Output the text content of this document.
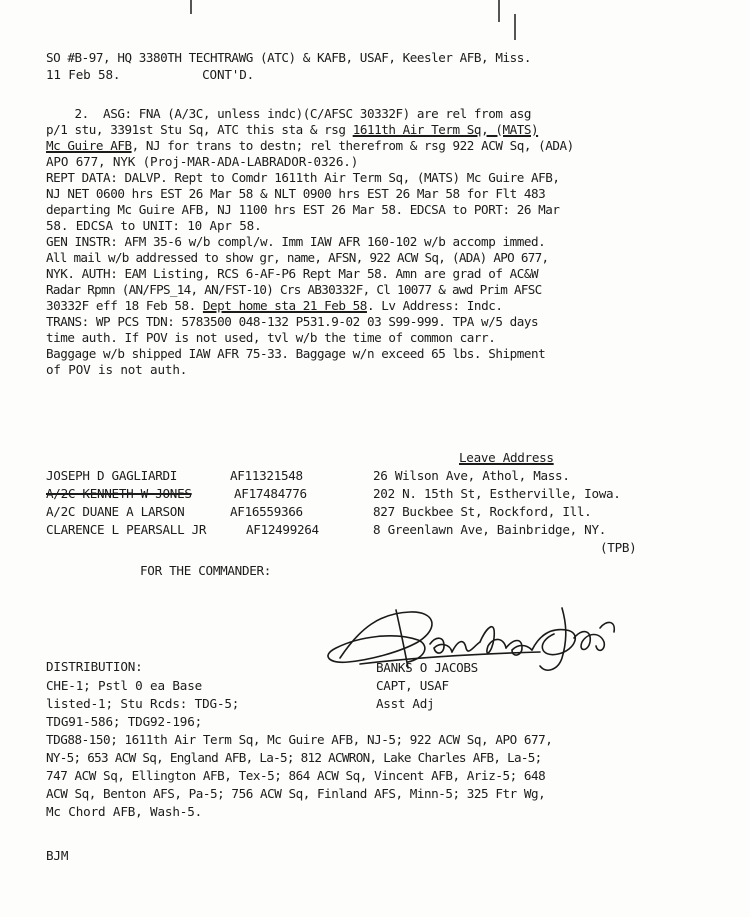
SO #B-97, HQ 3380TH TECHTRAWG (ATC) & KAFB, USAF, Keesler AFB, Miss.
11 Feb 58.           CONT'D.
2.  ASG: FNA (A/3C, unless indc)(C/AFSC 30332F) are rel from asg
p/1 stu, 3391st Stu Sq, ATC this sta & rsg 1611th Air Term Sq, (MATS)
Mc Guire AFB, NJ for trans to destn; rel therefrom & rsg 922 ACW Sq, (ADA)
APO 677, NYK (Proj-MAR-ADA-LABRADOR-0326.)
REPT DATA: DALVP. Rept to Comdr 1611th Air Term Sq, (MATS) Mc Guire AFB,
NJ NET 0600 hrs EST 26 Mar 58 & NLT 0900 hrs EST 26 Mar 58 for Flt 483
departing Mc Guire AFB, NJ 1100 hrs EST 26 Mar 58. EDCSA to PORT: 26 Mar
58. EDCSA to UNIT: 10 Apr 58.
GEN INSTR: AFM 35-6 w/b compl/w. Imm IAW AFR 160-102 w/b accomp immed.
All mail w/b addressed to show gr, name, AFSN, 922 ACW Sq, (ADA) APO 677,
NYK. AUTH: EAM Listing, RCS 6-AF-P6 Rept Mar 58. Amn are grad of AC&W
Radar Rpmn (AN/FPS_14, AN/FST-10) Crs AB30332F, Cl 10077 & awd Prim AFSC
30332F eff 18 Feb 58. Dept home sta 21 Feb 58. Lv Address: Indc.
TRANS: WP PCS TDN: 5783500 048-132 P531.9-02 03 S99-999. TPA w/5 days
time auth. If POV is not used, tvl w/b the time of common carr.
Baggage w/b shipped IAW AFR 75-33. Baggage w/n exceed 65 lbs. Shipment
of POV is not auth.
Leave Address
JOSEPH D GAGLIARDI	AF11321548	26 Wilson Ave, Athol, Mass.
A/2C KENNETH W JONES	AF17484776	202 N. 15th St, Estherville, Iowa.
A/2C DUANE A LARSON	AF16559366	827 Buckbee St, Rockford, Ill.
CLARENCE L PEARSALL JR	AF12499264	8 Greenlawn Ave, Bainbridge, NY.
(TPB)
FOR THE COMMANDER:
BANKS O JACOBS
CAPT, USAF
Asst Adj
DISTRIBUTION:
CHE-1; Pstl 0 ea Base
listed-1; Stu Rcds: TDG-5;
TDG91-586; TDG92-196;
TDG88-150; 1611th Air Term Sq, Mc Guire AFB, NJ-5; 922 ACW Sq, APO 677,
NY-5; 653 ACW Sq, England AFB, La-5; 812 ACWRON, Lake Charles AFB, La-5;
747 ACW Sq, Ellington AFB, Tex-5; 864 ACW Sq, Vincent AFB, Ariz-5; 648
ACW Sq, Benton AFS, Pa-5; 756 ACW Sq, Finland AFS, Minn-5; 325 Ftr Wg,
Mc Chord AFB, Wash-5.
BJM
